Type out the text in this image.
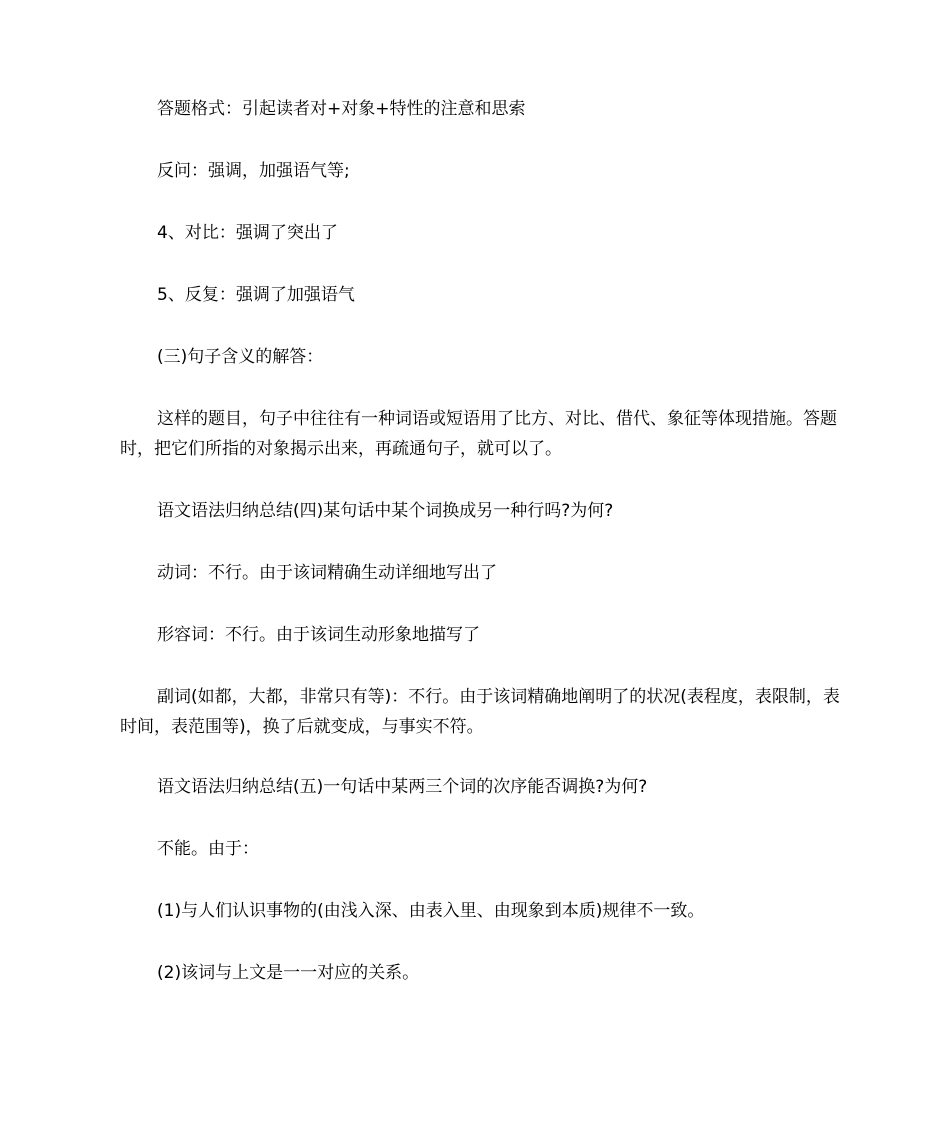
答题格式：引起读者对+对象+特性的注意和思索

反问：强调，加强语气等;

4、对比：强调了突出了

5、反复：强调了加强语气

(三)句子含义的解答：

这样的题目，句子中往往有一种词语或短语用了比方、对比、借代、象征等体现措施。答题时，把它们所指的对象揭示出来，再疏通句子，就可以了。

语文语法归纳总结(四)某句话中某个词换成另一种行吗?为何?

动词：不行。由于该词精确生动详细地写出了

形容词：不行。由于该词生动形象地描写了

副词(如都，大都，非常只有等)：不行。由于该词精确地阐明了的状况(表程度，表限制，表时间，表范围等)，换了后就变成，与事实不符。

语文语法归纳总结(五)一句话中某两三个词的次序能否调换?为何?

不能。由于：

(1)与人们认识事物的(由浅入深、由表入里、由现象到本质)规律不一致。

(2)该词与上文是一一对应的关系。
